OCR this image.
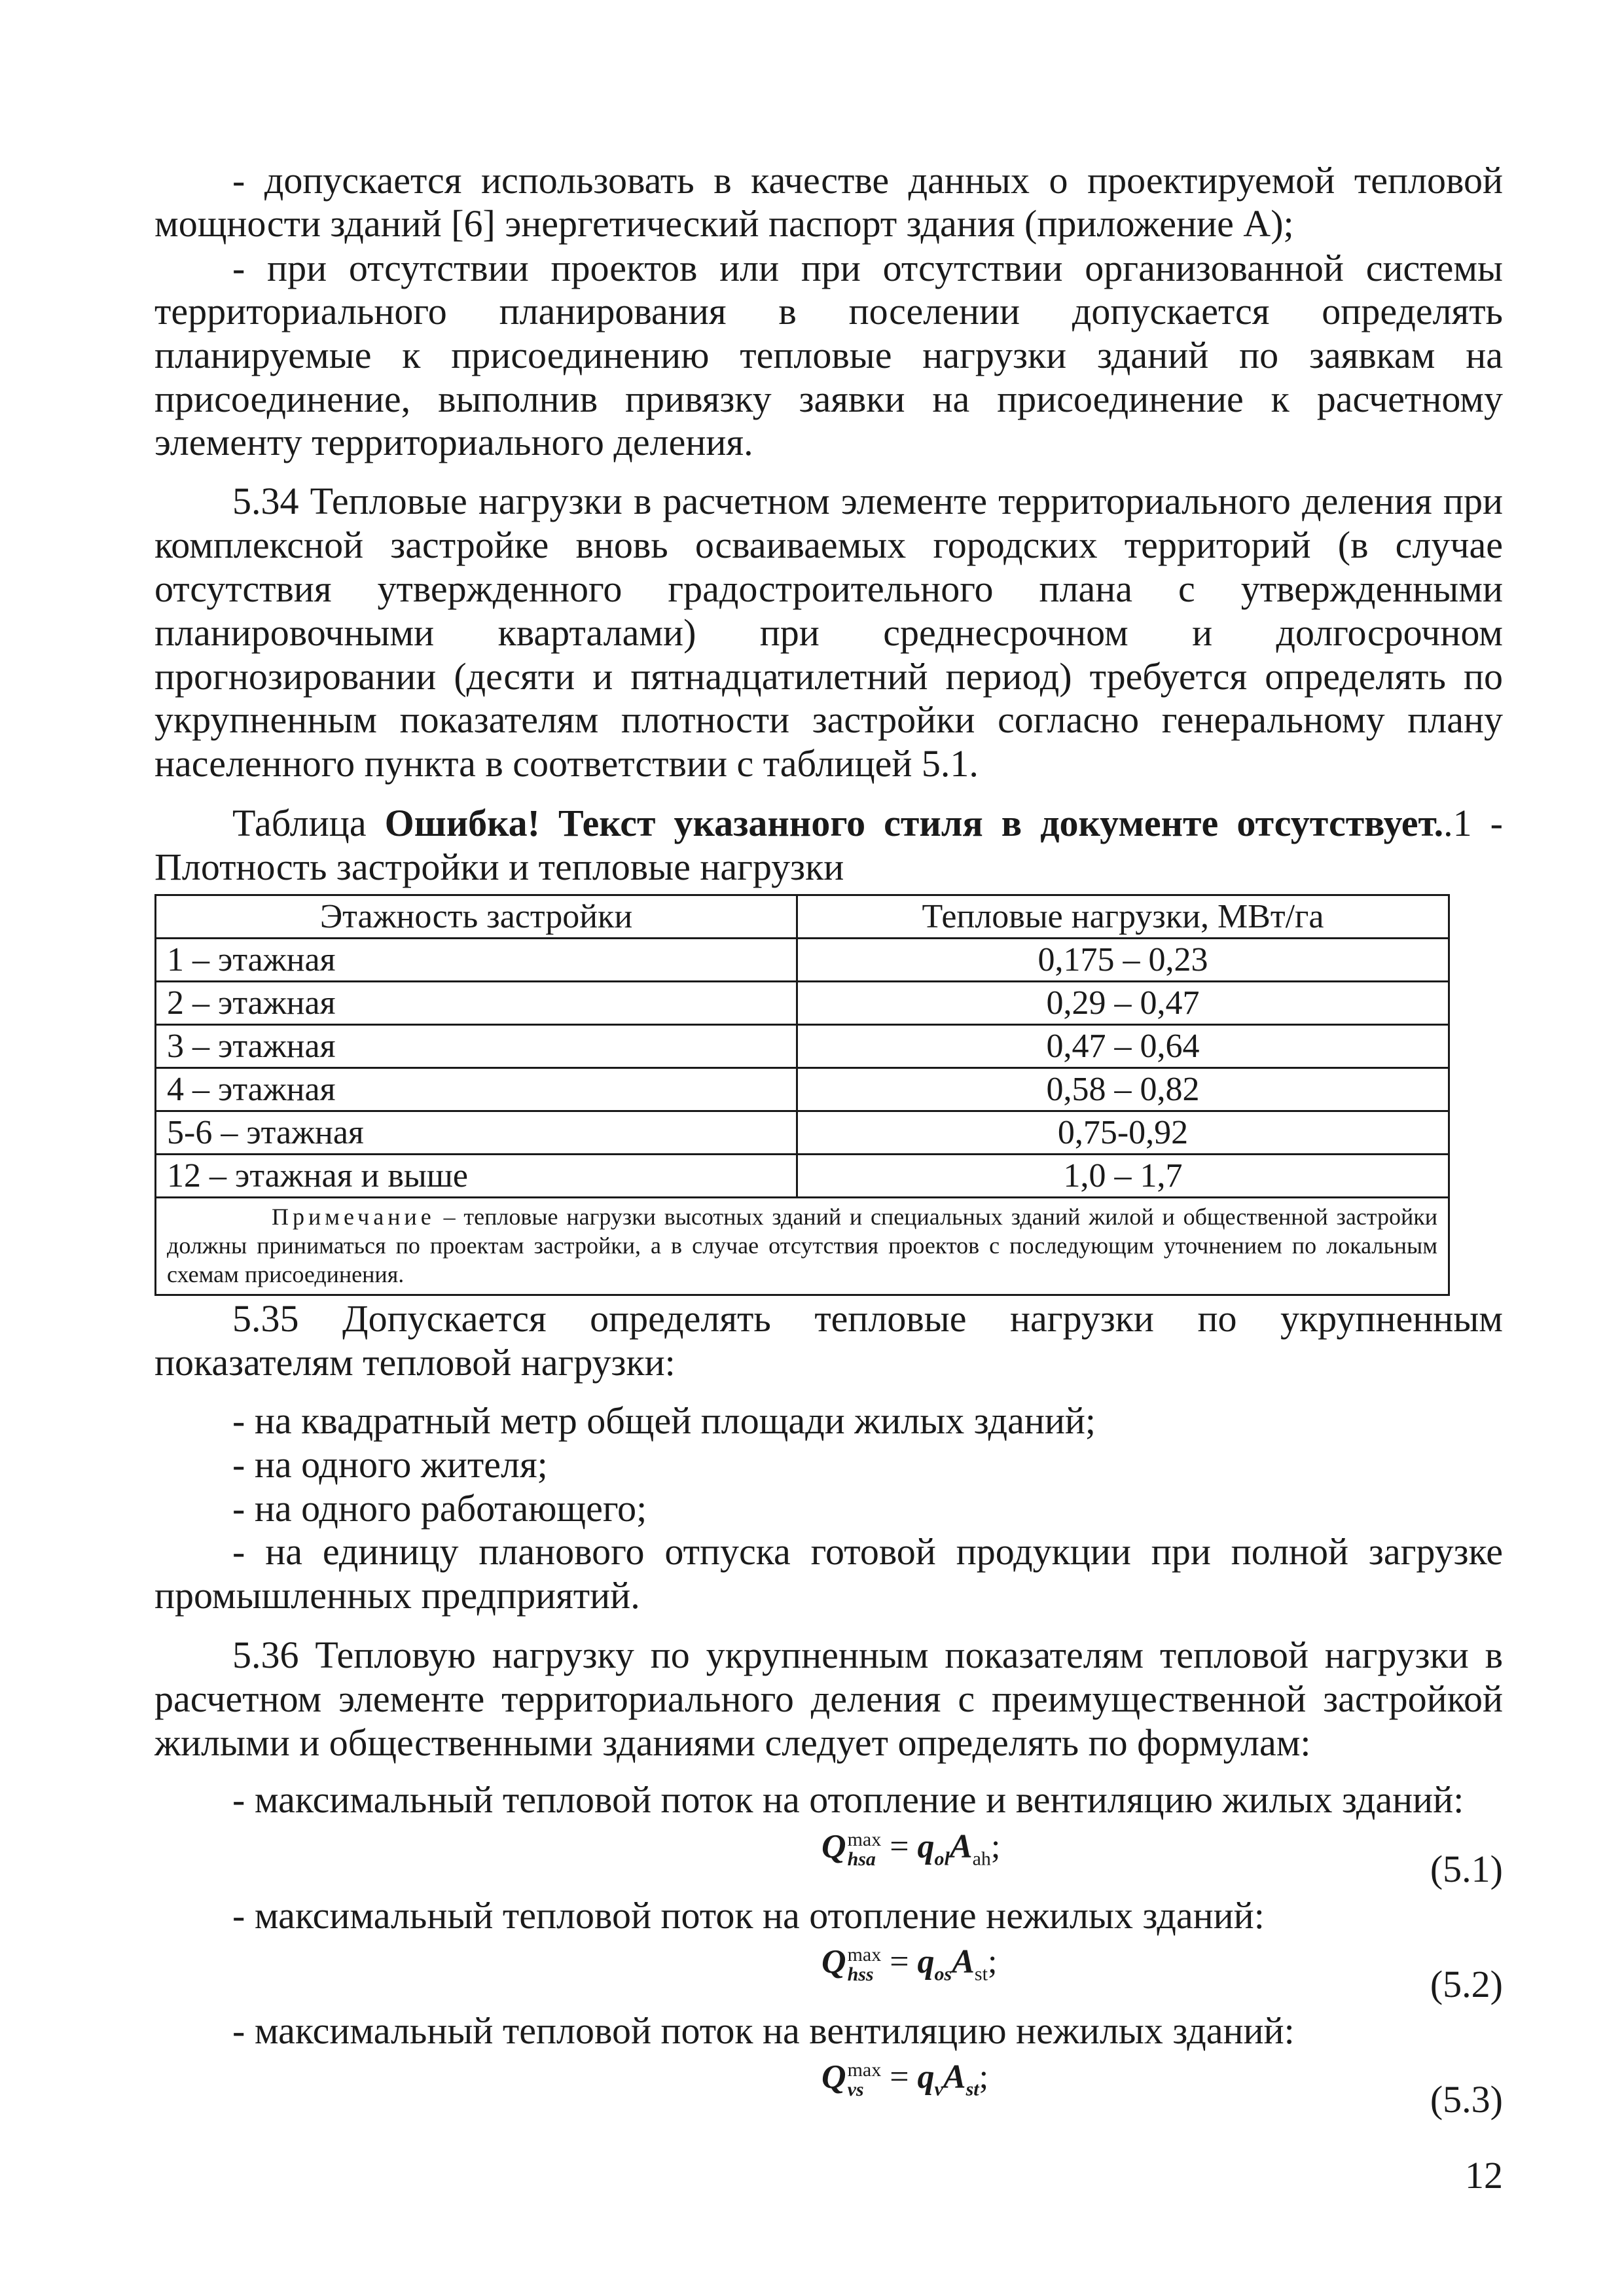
- допускается использовать в качестве данных о проектируемой тепловой
мощности зданий [6] энергетический паспорт здания (приложение А);
- при отсутствии проектов или при отсутствии организованной системы
территориального планирования в поселении допускается определять
планируемые к присоединению тепловые нагрузки зданий по заявкам на
присоединение, выполнив привязку заявки на присоединение к расчетному
элементу территориального деления.
5.34 Тепловые нагрузки в расчетном элементе территориального деления при
комплексной застройке вновь осваиваемых городских территорий (в случае
отсутствия утвержденного градостроительного плана с утвержденными
планировочными кварталами) при среднесрочном и долгосрочном
прогнозировании (десяти и пятнадцатилетний период) требуется определять по
укрупненным показателям плотности застройки согласно генеральному плану
населенного пункта в соответствии с таблицей 5.1.
Таблица Ошибка! Текст указанного стиля в документе отсутствует..1 -
Плотность застройки и тепловые нагрузки
Этажность застройки	Тепловые нагрузки, МВт/га
1 – этажная	0,175 – 0,23
2 – этажная	0,29 – 0,47
3 – этажная	0,47 – 0,64
4 – этажная	0,58 – 0,82
5-6 – этажная	0,75-0,92
12 – этажная и выше	1,0 – 1,7
Примечание – тепловые нагрузки высотных зданий и специальных зданий жилой и общественной застройки должны приниматься по проектам застройки, а в случае отсутствия проектов с последующим уточнением по локальным схемам присоединения.	
5.35 Допускается определять тепловые нагрузки по укрупненным
показателям тепловой нагрузки:
- на квадратный метр общей площади жилых зданий;
- на одного жителя;
- на одного работающего;
- на единицу планового отпуска готовой продукции при полной загрузке
промышленных предприятий.
5.36 Тепловую нагрузку по укрупненным показателям тепловой нагрузки в
расчетном элементе территориального деления с преимущественной застройкой
жилыми и общественными зданиями следует определять по формулам:
- максимальный тепловой поток на отопление и вентиляцию жилых зданий:
Q max
hsa = $q_{ol}A_{ah}$;
(5.1)
- максимальный тепловой поток на отопление нежилых зданий:
Q max
hss = $q_{os}A_{st}$;
(5.2)
- максимальный тепловой поток на вентиляцию нежилых зданий:
Q max
vs = $q_vA_{st}$;
(5.3)
12
